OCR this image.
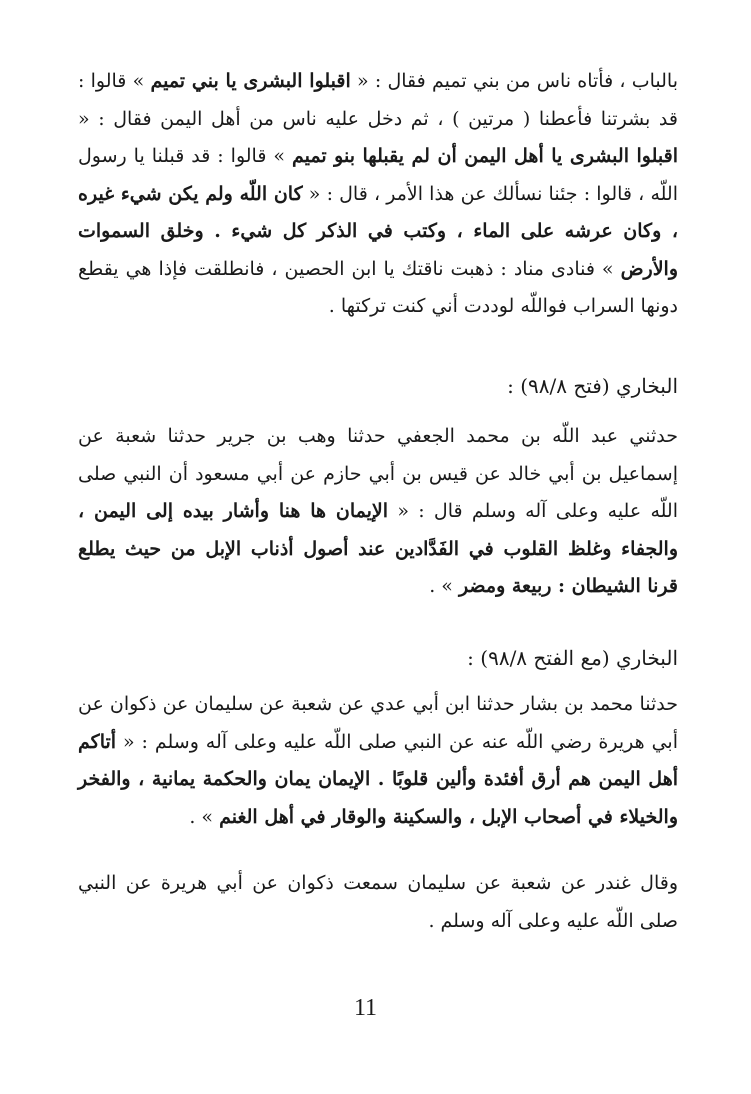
بالباب ، فأتاه ناس من بني تميم فقال : « اقبلوا البشرى يا بني تميم » قالوا : قد بشرتنا فأعطنا ( مرتين ) ، ثم دخل عليه ناس من أهل اليمن فقال : « اقبلوا البشرى يا أهل اليمن أن لم يقبلها بنو تميم » قالوا : قد قبلنا يا رسول اللّه ، قالوا : جئنا نسألك عن هذا الأمر ، قال : « كان اللّه ولم يكن شيء غيره ، وكان عرشه على الماء ، وكتب في الذكر كل شيء . وخلق السموات والأرض » فنادى مناد : ذهبت ناقتك يا ابن الحصين ، فانطلقت فإذا هي يقطع دونها السراب فواللّه لوددت أني كنت تركتها .

البخاري (فتح ٩٨/٨) :

حدثني عبد اللّه بن محمد الجعفي حدثنا وهب بن جرير حدثنا شعبة عن إسماعيل بن أبي خالد عن قيس بن أبي حازم عن أبي مسعود أن النبي صلى اللّه عليه وعلى آله وسلم قال : « الإيمان ها هنا وأشار بيده إلى اليمن ، والجفاء وغلظ القلوب في الفَدَّادين عند أصول أذناب الإبل من حيث يطلع قرنا الشيطان : ربيعة ومضر » .

البخاري (مع الفتح ٩٨/٨) :

حدثنا محمد بن بشار حدثنا ابن أبي عدي عن شعبة عن سليمان عن ذكوان عن أبي هريرة رضي اللّه عنه عن النبي صلى اللّه عليه وعلى آله وسلم : « أتاكم أهل اليمن هم أرق أفئدة وألين قلوبًا . الإيمان يمان والحكمة يمانية ، والفخر والخيلاء في أصحاب الإبل ، والسكينة والوقار في أهل الغنم » .

وقال غندر عن شعبة عن سليمان سمعت ذكوان عن أبي هريرة عن النبي صلى اللّه عليه وعلى آله وسلم .

11
